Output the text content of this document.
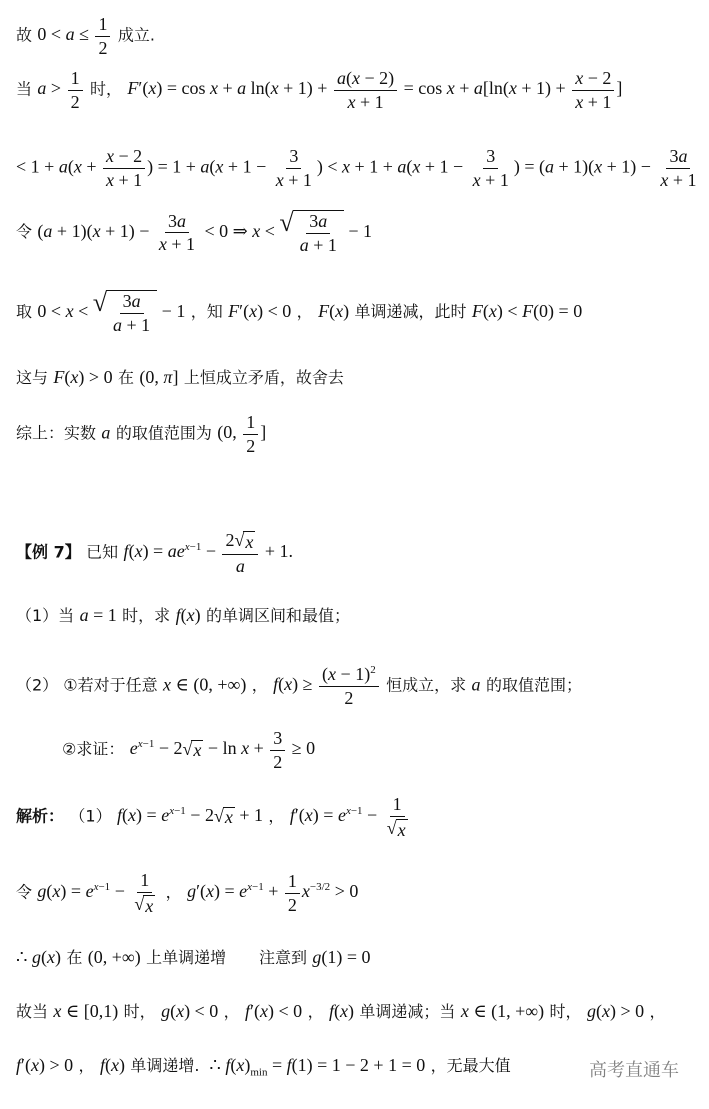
故 $0 < a \le \frac{1}{2}$ 成立.
当 $a > \frac{1}{2}$ 时， F′(x) = cos x + a $\ln(x + 1) + \frac{a(x - 2)}{x + 1} = \cos x + a[\ln(x + 1) + \frac{x - 2}{x + 1}$ ]
< $1 + a(x + \frac{x - 2}{x + 1}$ ) = $1 + a(x + 1 - \frac{3}{x + 1}$ ) < $x + 1 + a(x + 1 - \frac{3}{x + 1}$ ) = $(a + 1)(x + 1) - \frac{3a}{x + 1}$
令 $(a + 1)(x + 1) - \frac{3a}{x + 1} < 0$ ⇒ x < √ $\frac{3a}{a + 1} - 1$
取 0 < x < √ $\frac{3a}{a + 1} - 1$ ，知 F′(x) < 0 ， F(x) 单调递减，此时 F(x) < F(0) = 0
这与 F(x) > 0 在 (0, π] 上恒成立矛盾，故舍去
综上：实数 a 的取值范围为 (0, $\frac{1}{2}$ ]
【例 7】 已知 $f(x) = ae^{x-1} - \frac{2 √ x}{a} + 1$.
（1）当 a = 1 时，求 f(x) 的单调区间和最值；
（2） ①若对于任意 x ∈ (0, +∞) ， $f(x) \ge \frac{(x - 1)^2}{2}$ 恒成立，求 a 的取值范围；
②求证： $e^{x-1} - 2$ √ $x - \ln x + \frac{3}{2} \ge 0$
解析： （1） $f(x) = e^{x-1} - 2$ √ x + 1 ， $f'(x) = e^{x-1} - \frac{1}{√ x}$
令 $g(x) = e^{x-1} - \frac{1}{√ x}$ ， $g'(x) = e^{x-1} + \frac{1}{2} x^{-3/2} > 0$
∴ g(x) 在 (0, +∞) 上单调递增 注意到 g(1) = 0
故当 x ∈ [0,1) 时， g(x) < 0 ， f′(x) < 0 ， f(x) 单调递减；当 x ∈ (1, +∞) 时， g(x) > 0 ，
f′(x) > 0 ， f(x) 单调递增.  ∴ $f(x)_{min} = f(1) = 1 - 2 + 1 = 0$ ，无最大值	高考直通车
